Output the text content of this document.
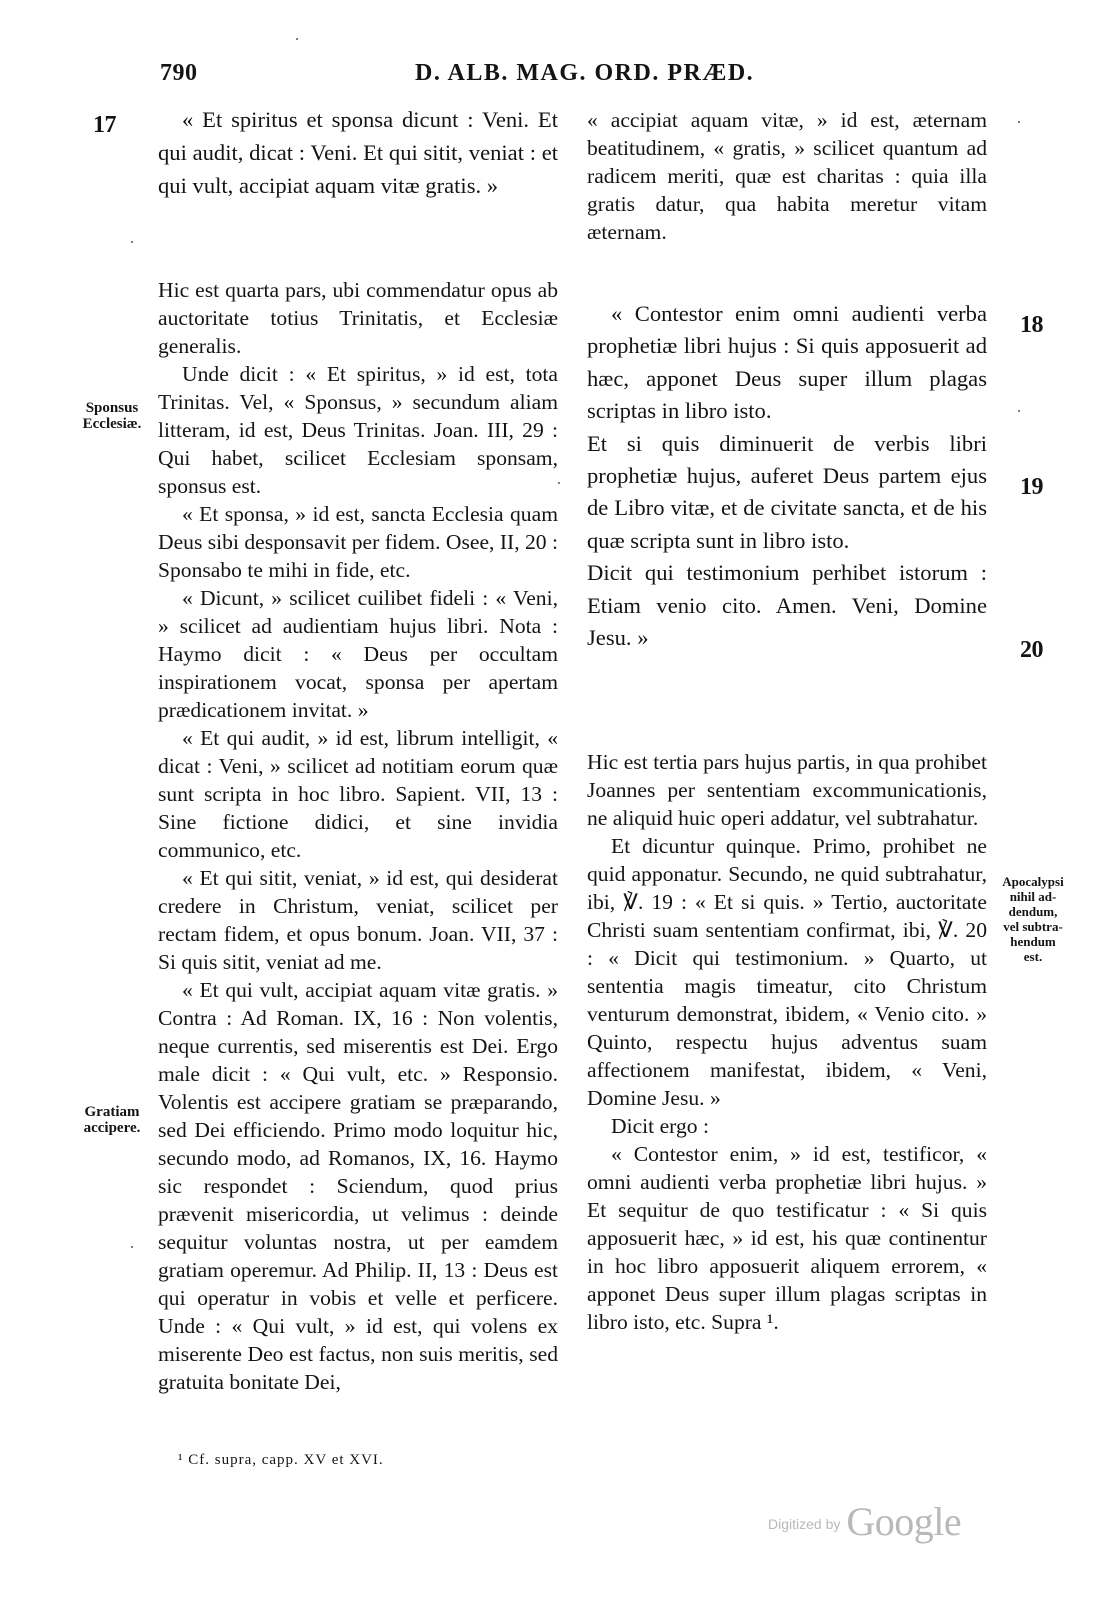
790	D. ALB. MAG. ORD. PRÆD.
17
18
19
20
Sponsus
Ecclesiæ.
Gratiam
accipere.
Apocalypsi
nihil ad-
dendum,
vel subtra-
hendum
est.

« Et spiritus et sponsa dicunt : Veni. Et qui audit, dicat : Veni. Et qui sitit, veniat : et qui vult, accipiat aquam vitæ gratis. »

Hic est quarta pars, ubi commendatur opus ab auctoritate totius Trinitatis, et Ecclesiæ generalis.

Unde dicit : « Et spiritus, » id est, tota Trinitas. Vel, « Sponsus, » secundum aliam litteram, id est, Deus Trinitas. Joan. III, 29 : Qui habet, scilicet Ecclesiam sponsam, sponsus est.

« Et sponsa, » id est, sancta Ecclesia quam Deus sibi desponsavit per fidem. Osee, II, 20 : Sponsabo te mihi in fide, etc.

« Dicunt, » scilicet cuilibet fideli : « Veni, » scilicet ad audientiam hujus libri. Nota : Haymo dicit : « Deus per occultam inspirationem vocat, sponsa per apertam prædicationem invitat. »

« Et qui audit, » id est, librum intelligit, « dicat : Veni, » scilicet ad notitiam eorum quæ sunt scripta in hoc libro. Sapient. VII, 13 : Sine fictione didici, et sine invidia communico, etc.

« Et qui sitit, veniat, » id est, qui desiderat credere in Christum, veniat, scilicet per rectam fidem, et opus bonum. Joan. VII, 37 : Si quis sitit, veniat ad me.

« Et qui vult, accipiat aquam vitæ gratis. » Contra : Ad Roman. IX, 16 : Non volentis, neque currentis, sed miserentis est Dei. Ergo male dicit : « Qui vult, etc. » Responsio. Volentis est accipere gratiam se præparando, sed Dei efficiendo. Primo modo loquitur hic, secundo modo, ad Romanos, IX, 16. Haymo sic respondet : Sciendum, quod prius prævenit misericordia, ut velimus : deinde sequitur voluntas nostra, ut per eamdem gratiam operemur. Ad Philip. II, 13 : Deus est qui operatur in vobis et velle et perficere. Unde : « Qui vult, » id est, qui volens ex miserente Deo est factus, non suis meritis, sed gratuita bonitate Dei,

« accipiat aquam vitæ, » id est, æternam beatitudinem, « gratis, » scilicet quantum ad radicem meriti, quæ est charitas : quia illa gratis datur, qua habita meretur vitam æternam.

« Contestor enim omni audienti verba prophetiæ libri hujus : Si quis apposuerit ad hæc, apponet Deus super illum plagas scriptas in libro isto.

Et si quis diminuerit de verbis libri prophetiæ hujus, auferet Deus partem ejus de Libro vitæ, et de civitate sancta, et de his quæ scripta sunt in libro isto.

Dicit qui testimonium perhibet istorum : Etiam venio cito. Amen. Veni, Domine Jesu. »

Hic est tertia pars hujus partis, in qua prohibet Joannes per sententiam excommunicationis, ne aliquid huic operi addatur, vel subtrahatur.

Et dicuntur quinque. Primo, prohibet ne quid apponatur. Secundo, ne quid subtrahatur, ibi, ℣. 19 : « Et si quis. » Tertio, auctoritate Christi suam sententiam confirmat, ibi, ℣. 20 : « Dicit qui testimonium. » Quarto, ut sententia magis timeatur, cito Christum venturum demonstrat, ibidem, « Venio cito. » Quinto, respectu hujus adventus suam affectionem manifestat, ibidem, « Veni, Domine Jesu. »

Dicit ergo :

« Contestor enim, » id est, testificor, « omni audienti verba prophetiæ libri hujus. » Et sequitur de quo testificatur : « Si quis apposuerit hæc, » id est, his quæ continentur in hoc libro apposuerit aliquem errorem, « apponet Deus super illum plagas scriptas in libro isto, etc. Supra ¹.

¹ Cf. supra, capp. XV et XVI.
Digitized by Google
